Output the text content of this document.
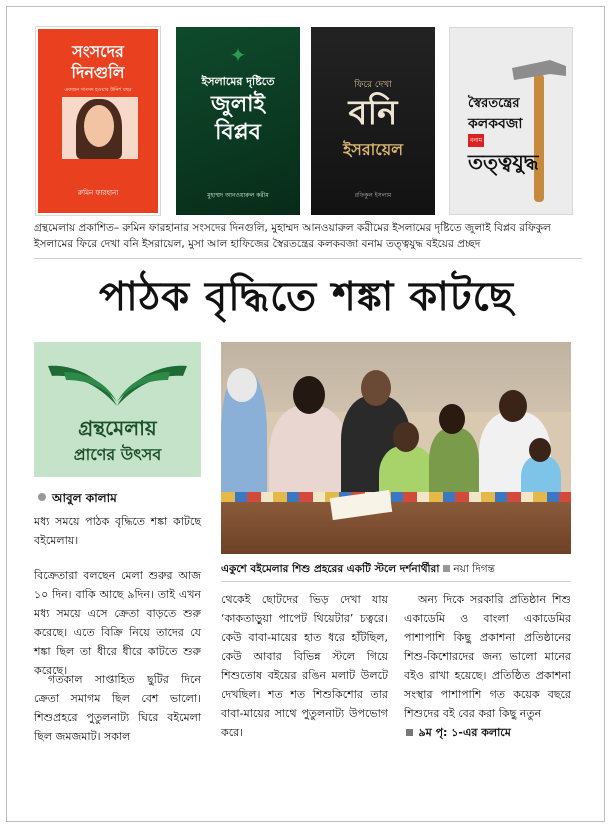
সংসদের দিনগুলি
একজন সাংসদ হওয়ার উনিশ বছর
রুমিন ফারহানা
✦
ইসলামের দৃষ্টিতে
জুলাই
বিপ্লব
মুহাম্মদ আনওয়ারুল করীম
ফিরে দেখা
বনি
ইসরায়েল
রফিকুল ইসলাম
স্বৈরতন্ত্রের
কলকবজা
বনাম
তত্ত্বযুদ্ধ
গ্রন্থমেলায় প্রকাশিত– রুমিন ফারহানার সংসদের দিনগুলি, মুহাম্মদ আনওয়ারুল করীমের ইসলামের দৃষ্টিতে জুলাই বিপ্লব রফিকুল ইসলামের ফিরে দেখা বনি ইসরায়েল, মুসা আল হাফিজের স্বৈরতন্ত্রের কলকবজা বনাম তত্ত্বযুদ্ধ বইয়ের প্রচ্ছদ
পাঠক বৃদ্ধিতে শঙ্কা কাটছে
গ্রন্থমেলায়
প্রাণের উৎসব
আবুল কালাম
মধ্য সময়ে পাঠক বৃদ্ধিতে শঙ্কা কাটছে বইমেলায়।
বিক্রেতারা বলছেন মেলা শুরুর আজ ১০ দিন। বাকি আছে ৯দিন। তাই এখন মধ্য সময়ে এসে ক্রেতা বাড়তে শুরু করেছে। এতে বিক্রি নিয়ে তাদের যে শঙ্কা ছিল তা ধীরে ধীরে কাটতে শুরু করেছে।
গতকাল সাপ্তাহিত ছুটির দিনে ক্রেতা সমাগম ছিল বেশ ভালো। শিশুপ্রহরে পুতুলনাট্য ঘিরে বইমেলা ছিল জমজমাট। সকাল
একুশে বইমেলার শিশু প্রহরের একটি স্টলে দর্শনার্থীরা নয়া দিগন্ত
থেকেই ছোটদের ভিড় দেখা যায় ‘কাকতাড়ুয়া পাপেট থিয়েটার’ চত্বরে। কেউ বাবা-মায়ের হাত ধরে হাঁটছিল, কেউ আবার বিভিন্ন স্টলে গিয়ে শিশুতোষ বইয়ের রঙিন মলাট উলটে দেখছিল। শত শত শিশুকিশোর তার বাবা-মায়ের সাথে পুতুলনাট্য উপভোগ করে।
অন্য দিকে সরকারি প্রতিষ্ঠান শিশু একাডেমি ও বাংলা একাডেমির পাশাপাশি কিছু প্রকাশনা প্রতিষ্ঠানের শিশু-কিশোরদের জন্য ভালো মানের বইও রাখা হয়েছে। প্রতিষ্ঠিত প্রকাশনা সংস্থার পাশাপাশি গত কয়েক বছরে শিশুদের বই বের করা কিছু নতুন
৯ম পৃ: ১-এর কলামে
